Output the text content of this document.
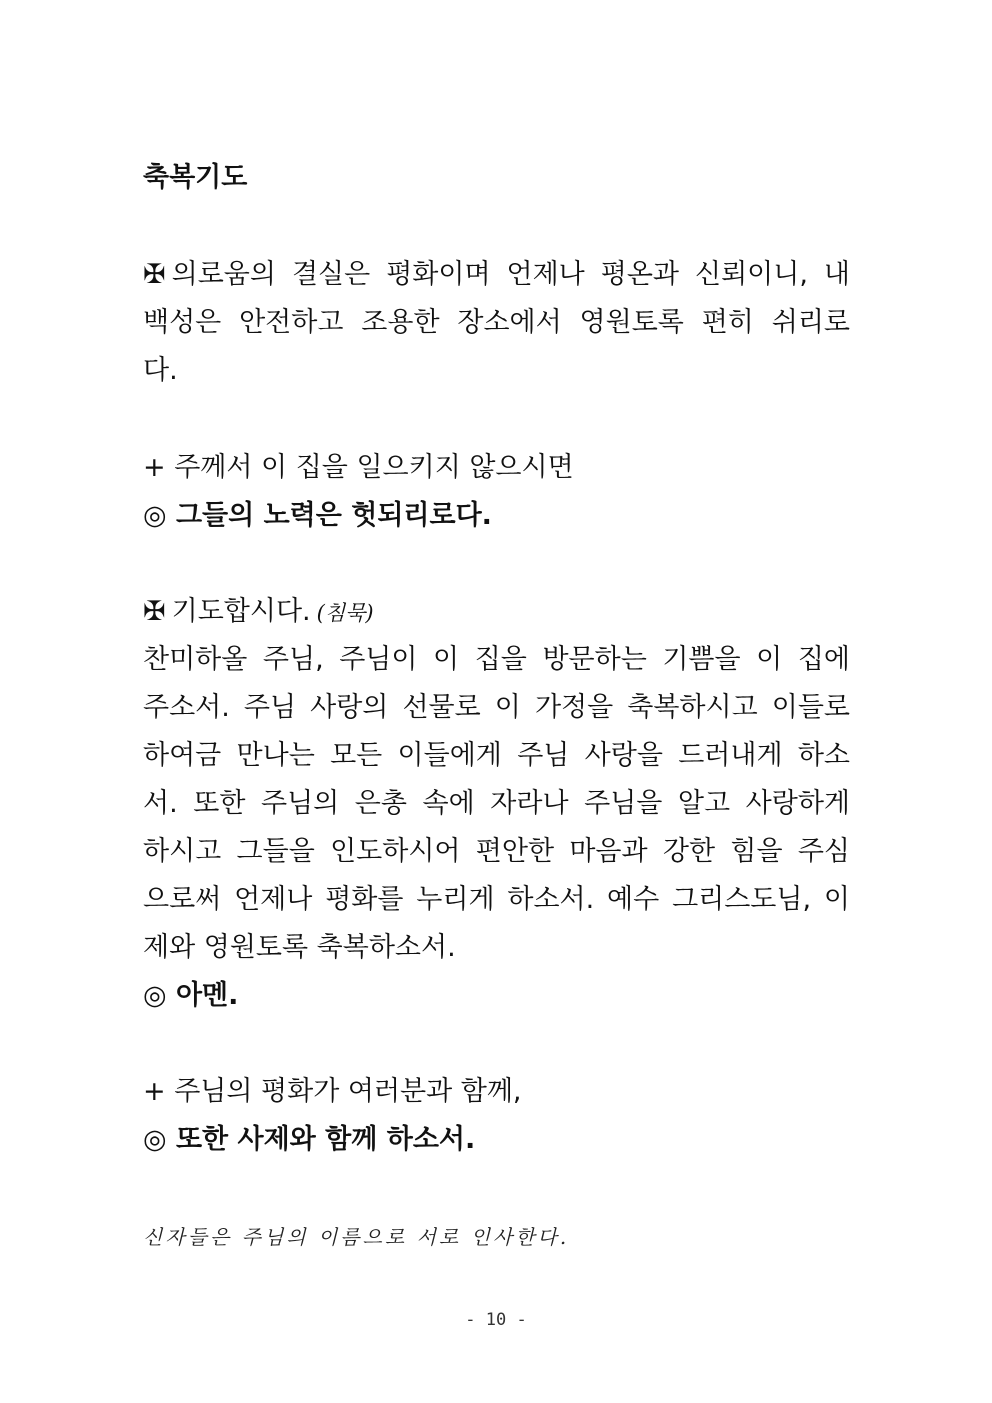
축복기도
✠ 의로움의 결실은 평화이며 언제나 평온과 신뢰이니, 내
백성은 안전하고 조용한 장소에서 영원토록 편히 쉬리로
다.
+ 주께서 이 집을 일으키지 않으시면
◎ 그들의 노력은 헛되리로다.
✠ 기도합시다. (침묵)
찬미하올 주님, 주님이 이 집을 방문하는 기쁨을 이 집에
주소서. 주님 사랑의 선물로 이 가정을 축복하시고 이들로
하여금 만나는 모든 이들에게 주님 사랑을 드러내게 하소
서. 또한 주님의 은총 속에 자라나 주님을 알고 사랑하게
하시고 그들을 인도하시어 편안한 마음과 강한 힘을 주심
으로써 언제나 평화를 누리게 하소서. 예수 그리스도님, 이
제와 영원토록 축복하소서.
◎ 아멘.
+ 주님의 평화가 여러분과 함께,
◎ 또한 사제와 함께 하소서.
신자들은 주님의 이름으로 서로 인사한다.
- 10 -
